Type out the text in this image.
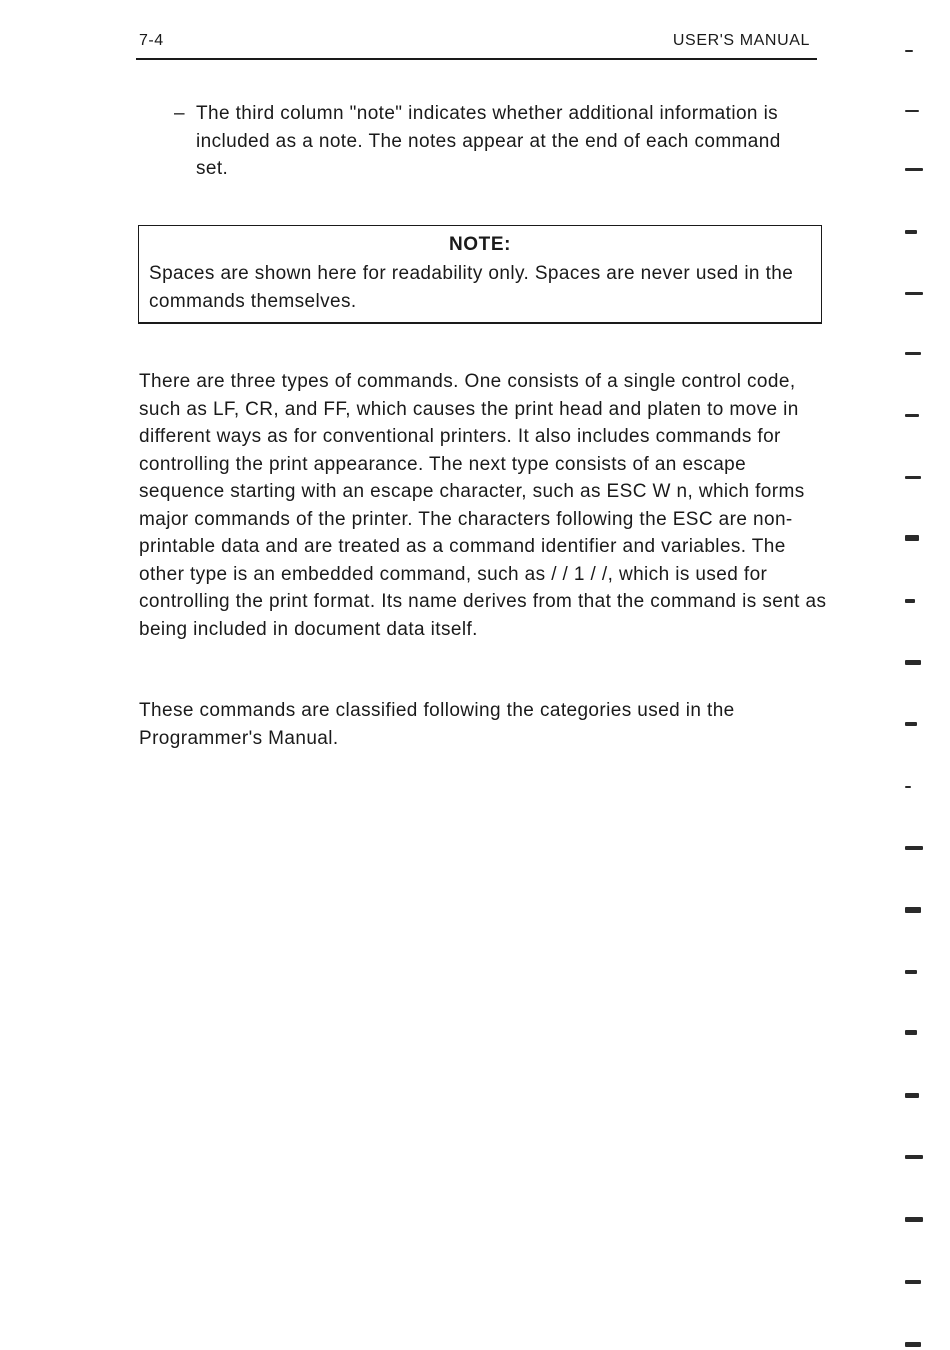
7-4	USER'S MANUAL
– The third column "note" indicates whether additional information is included as a note. The notes appear at the end of each command set.
NOTE:
Spaces are shown here for readability only. Spaces are never used in the commands themselves.
There are three types of commands. One consists of a single control code, such as LF, CR, and FF, which causes the print head and platen to move in different ways as for conventional printers. It also includes commands for controlling the print appearance. The next type consists of an escape sequence starting with an escape character, such as ESC W n, which forms major commands of the printer. The characters following the ESC are non-printable data and are treated as a command identifier and variables. The other type is an embedded command, such as / / 1 / /, which is used for controlling the print format. Its name derives from that the command is sent as being included in document data itself.
These commands are classified following the categories used in the Programmer's Manual.
